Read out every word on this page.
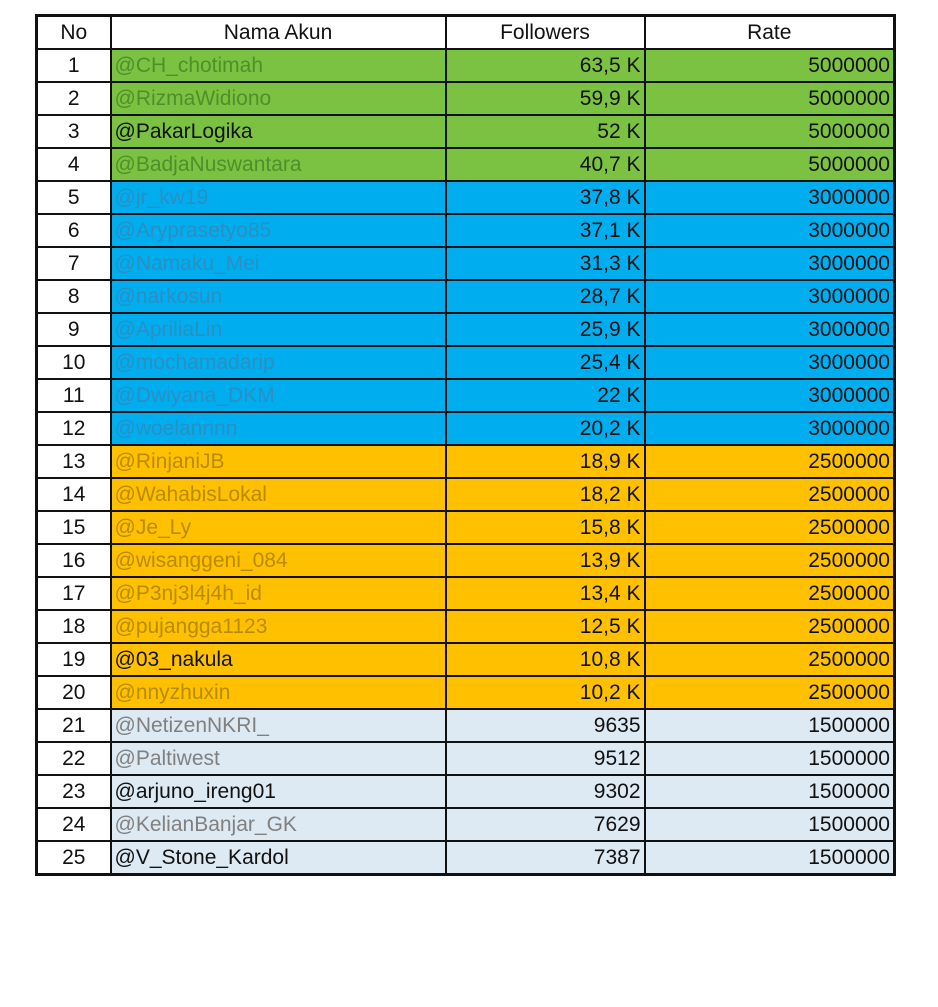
No	Nama Akun	Followers	Rate
1	@CH_chotimah	63,5 K	5000000
2	@RizmaWidiono	59,9 K	5000000
3	@PakarLogika	52 K	5000000
4	@BadjaNuswantara	40,7 K	5000000
5	@jr_kw19	37,8 K	3000000
6	@Aryprasetyo85	37,1 K	3000000
7	@Namaku_Mei	31,3 K	3000000
8	@narkosun	28,7 K	3000000
9	@ApriliaLin	25,9 K	3000000
10	@mochamadarip	25,4 K	3000000
11	@Dwiyana_DKM	22 K	3000000
12	@woelannnn	20,2 K	3000000
13	@RinjaniJB	18,9 K	2500000
14	@WahabisLokal	18,2 K	2500000
15	@Je_Ly	15,8 K	2500000
16	@wisanggeni_084	13,9 K	2500000
17	@P3nj3l4j4h_id	13,4 K	2500000
18	@pujangga1123	12,5 K	2500000
19	@03_nakula	10,8 K	2500000
20	@nnyzhuxin	10,2 K	2500000
21	@NetizenNKRI_	9635	1500000
22	@Paltiwest	9512	1500000
23	@arjuno_ireng01	9302	1500000
24	@KelianBanjar_GK	7629	1500000
25	@V_Stone_Kardol	7387	1500000
